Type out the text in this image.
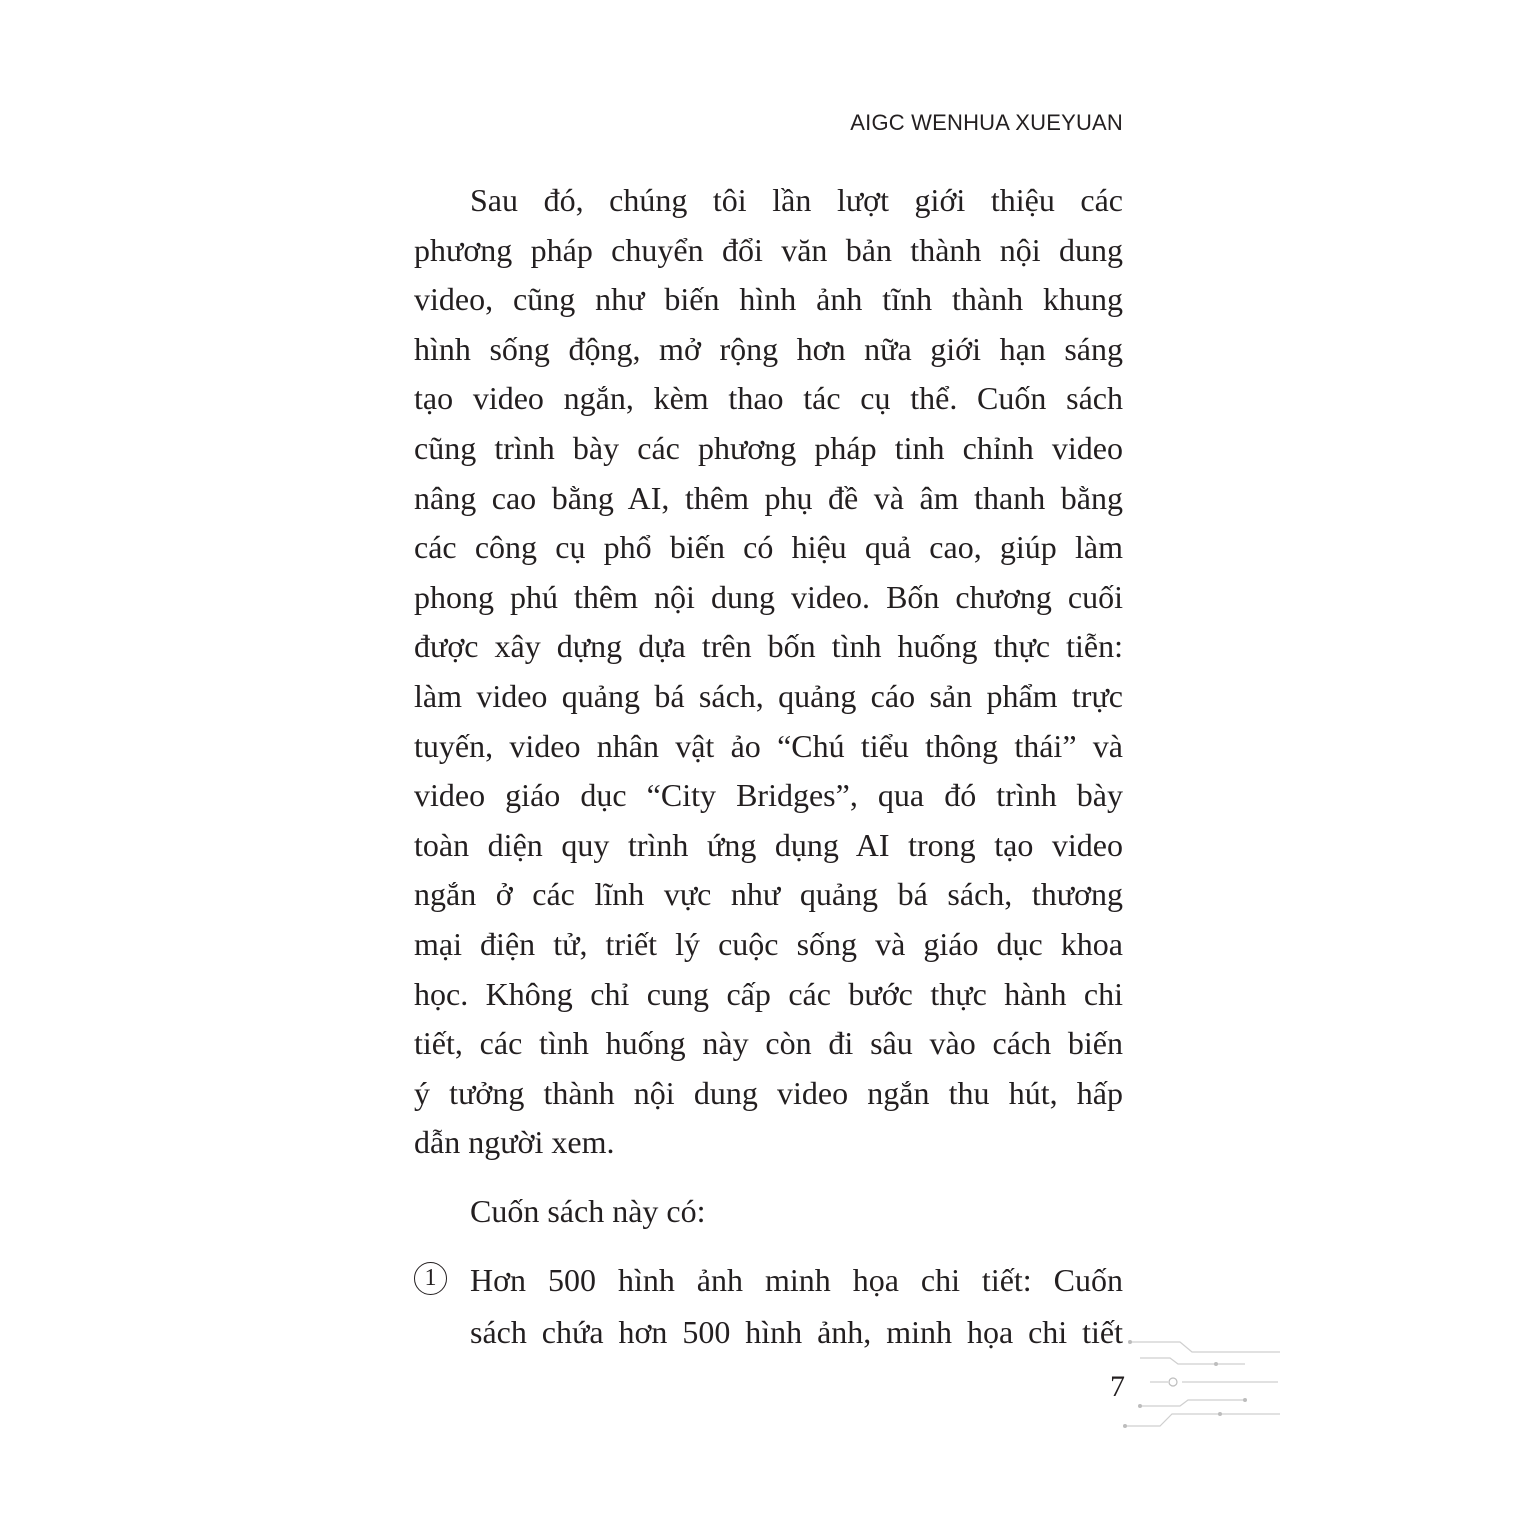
AIGC WENHUA XUEYUAN
Sau đó, chúng tôi lần lượt giới thiệu các
phương pháp chuyển đổi văn bản thành nội dung
video, cũng như biến hình ảnh tĩnh thành khung
hình sống động, mở rộng hơn nữa giới hạn sáng
tạo video ngắn, kèm thao tác cụ thể. Cuốn sách
cũng trình bày các phương pháp tinh chỉnh video
nâng cao bằng AI, thêm phụ đề và âm thanh bằng
các công cụ phổ biến có hiệu quả cao, giúp làm
phong phú thêm nội dung video. Bốn chương cuối
được xây dựng dựa trên bốn tình huống thực tiễn:
làm video quảng bá sách, quảng cáo sản phẩm trực
tuyến, video nhân vật ảo “Chú tiểu thông thái” và
video giáo dục “City Bridges”, qua đó trình bày
toàn diện quy trình ứng dụng AI trong tạo video
ngắn ở các lĩnh vực như quảng bá sách, thương
mại điện tử, triết lý cuộc sống và giáo dục khoa
học. Không chỉ cung cấp các bước thực hành chi
tiết, các tình huống này còn đi sâu vào cách biến
ý tưởng thành nội dung video ngắn thu hút, hấp
dẫn người xem.
Cuốn sách này có:
1	Hơn 500 hình ảnh minh họa chi tiết: Cuốn
sách chứa hơn 500 hình ảnh, minh họa chi tiết
7
